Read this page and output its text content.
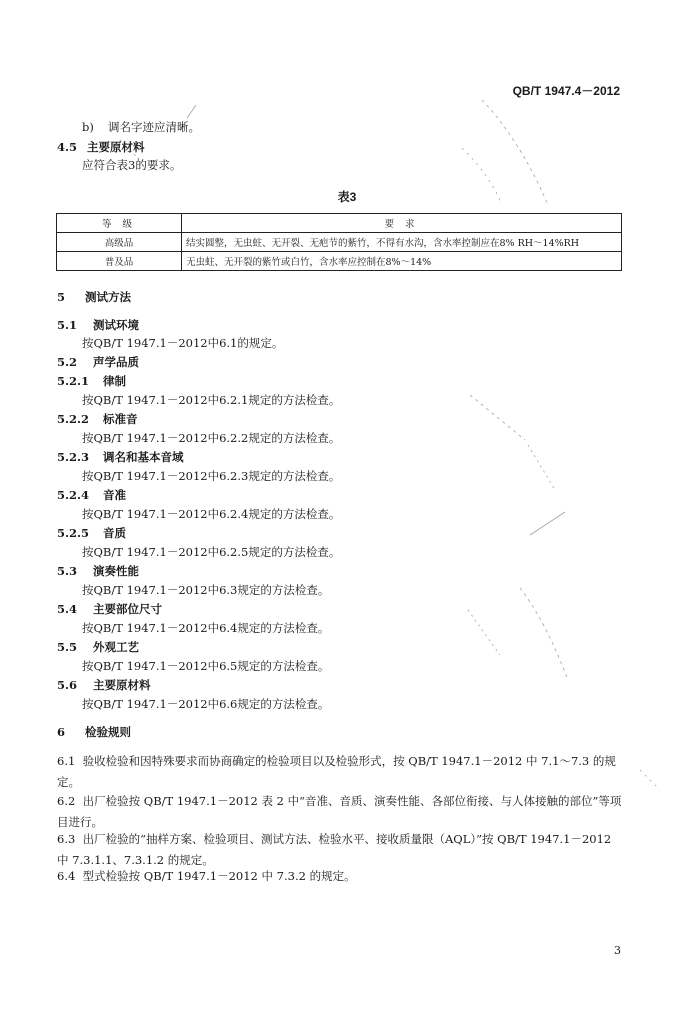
QB/T 1947.4－2012
b) 调名字迹应清晰。
4.5 主要原材料
应符合表3的要求。
表3
等 级	要 求
高级品	结实圆整，无虫蛀、无开裂、无疤节的紫竹，不得有水沟，含水率控制应在8% RH～14%RH
普及品	无虫蛀、无开裂的紫竹或白竹，含水率应控制在8%～14%
5 测试方法
5.1 测试环境
按QB/T 1947.1－2012中6.1的规定。
5.2 声学品质
5.2.1 律制
按QB/T 1947.1－2012中6.2.1规定的方法检查。
5.2.2 标准音
按QB/T 1947.1－2012中6.2.2规定的方法检查。
5.2.3 调名和基本音域
按QB/T 1947.1－2012中6.2.3规定的方法检查。
5.2.4 音准
按QB/T 1947.1－2012中6.2.4规定的方法检查。
5.2.5 音质
按QB/T 1947.1－2012中6.2.5规定的方法检查。
5.3 演奏性能
按QB/T 1947.1－2012中6.3规定的方法检查。
5.4 主要部位尺寸
按QB/T 1947.1－2012中6.4规定的方法检查。
5.5 外观工艺
按QB/T 1947.1－2012中6.5规定的方法检查。
5.6 主要原材料
按QB/T 1947.1－2012中6.6规定的方法检查。
6 检验规则
6.1 验收检验和因特殊要求而协商确定的检验项目以及检验形式，按 QB/T 1947.1－2012 中 7.1～7.3 的规定。
6.2 出厂检验按 QB/T 1947.1－2012 表 2 中“音准、音质、演奏性能、各部位衔接、与人体接触的部位”等项目进行。
6.3 出厂检验的“抽样方案、检验项目、测试方法、检验水平、接收质量限（AQL）”按 QB/T 1947.1－2012 中 7.3.1.1、7.3.1.2 的规定。
6.4 型式检验按 QB/T 1947.1－2012 中 7.3.2 的规定。
3
